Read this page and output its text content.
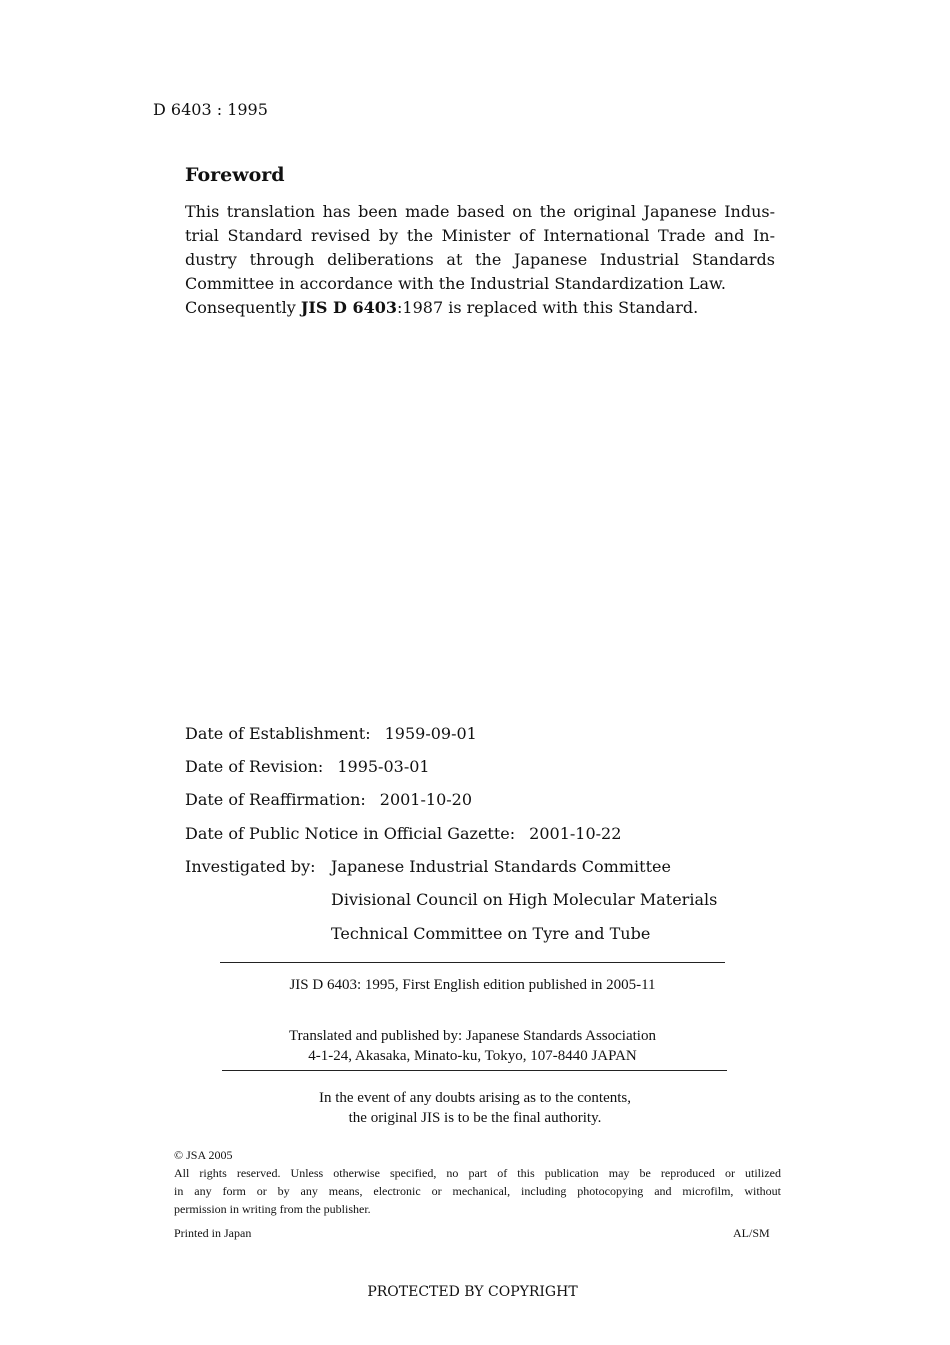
D 6403 : 1995
Foreword
This translation has been made based on the original Japanese Indus-
trial Standard revised by the Minister of International Trade and In-
dustry through deliberations at the Japanese Industrial Standards
Committee in accordance with the Industrial Standardization Law.
Consequently JIS D 6403:1987 is replaced with this Standard.
Date of Establishment: 1959-09-01
Date of Revision: 1995-03-01
Date of Reaffirmation: 2001-10-20
Date of Public Notice in Official Gazette: 2001-10-22
Investigated by: Japanese Industrial Standards Committee
Divisional Council on High Molecular Materials
Technical Committee on Tyre and Tube
JIS D 6403: 1995, First English edition published in 2005-11
Translated and published by: Japanese Standards Association
4-1-24, Akasaka, Minato-ku, Tokyo, 107-8440 JAPAN
In the event of any doubts arising as to the contents,
the original JIS is to be the final authority.
© JSA 2005
All rights reserved. Unless otherwise specified, no part of this publication may be reproduced or utilized
in any form or by any means, electronic or mechanical, including photocopying and microfilm, without
permission in writing from the publisher.
Printed in Japan	AL/SM
PROTECTED BY COPYRIGHT
